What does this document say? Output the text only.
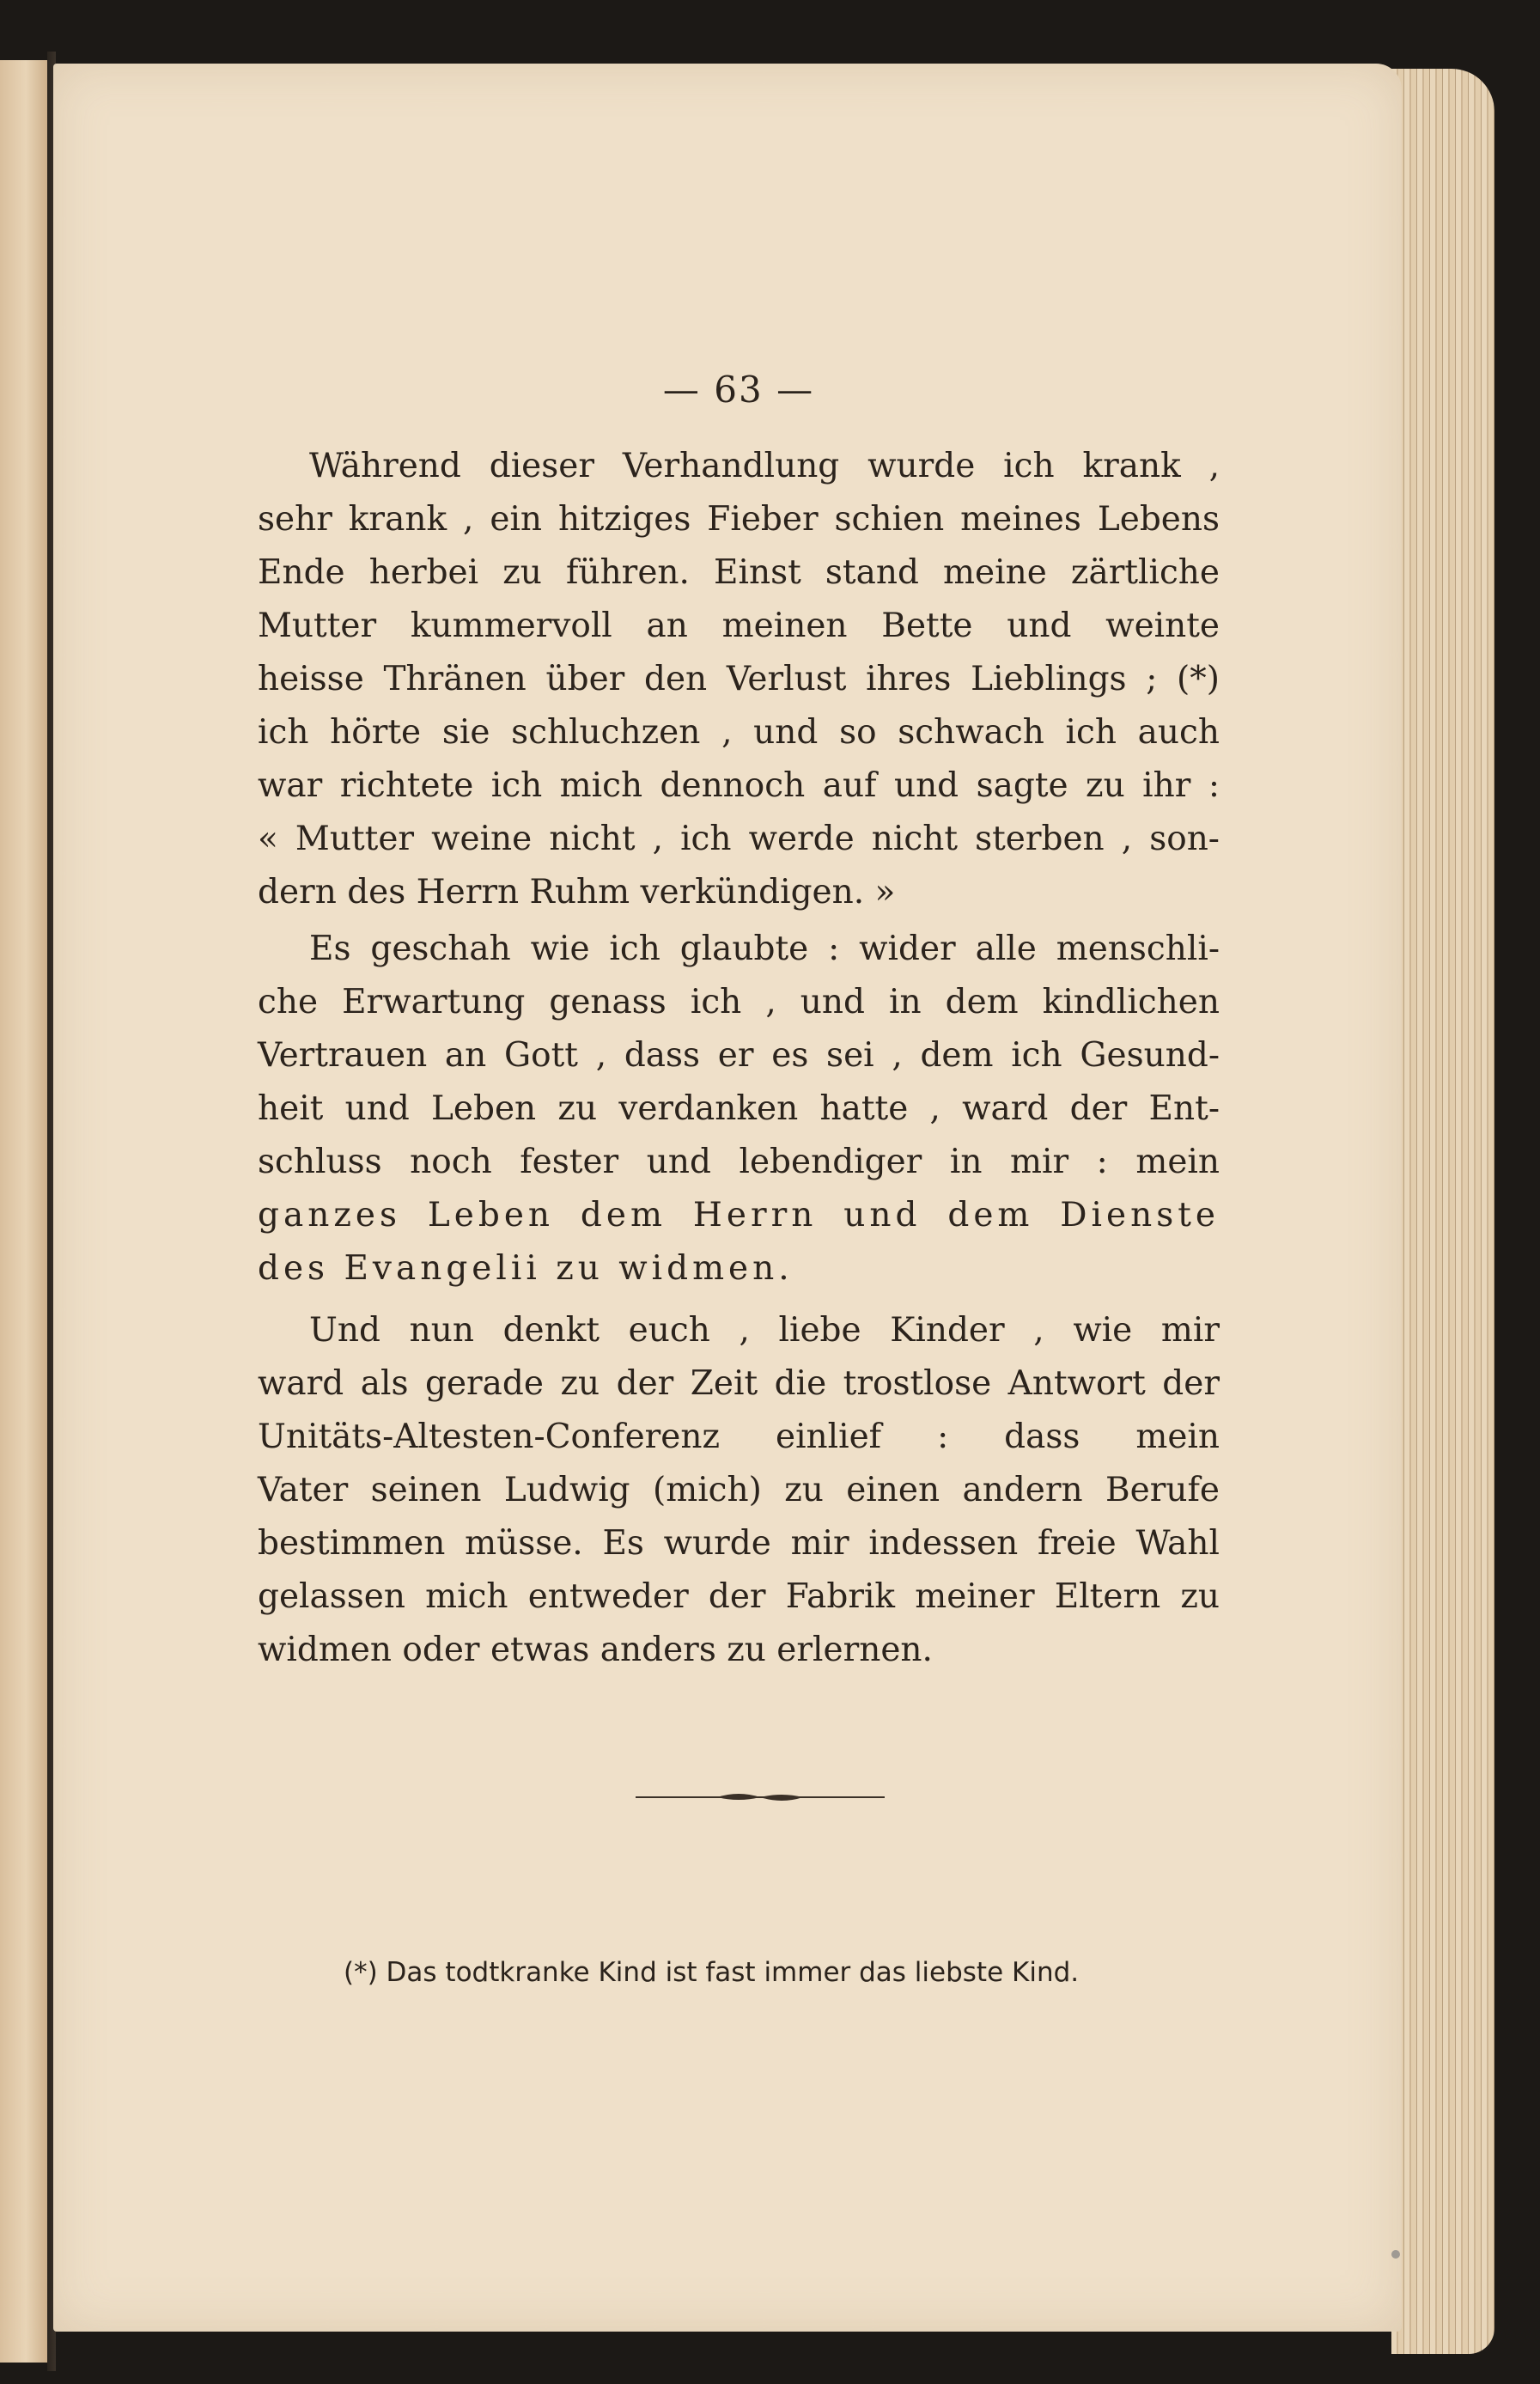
— 63 —
Während dieser Verhandlung wurde ich krank ,
sehr krank , ein hitziges Fieber schien meines Lebens
Ende herbei zu führen. Einst stand meine zärtliche
Mutter kummervoll an meinen Bette und weinte
heisse Thränen über den Verlust ihres Lieblings ; (*)
ich hörte sie schluchzen , und so schwach ich auch
war richtete ich mich dennoch auf und sagte zu ihr :
« Mutter weine nicht , ich werde nicht sterben , son-
dern des Herrn Ruhm verkündigen. »
Es geschah wie ich glaubte : wider alle menschli-
che Erwartung genass ich , und in dem kindlichen
Vertrauen an Gott , dass er es sei , dem ich Gesund-
heit und Leben zu verdanken hatte , ward der Ent-
schluss noch fester und lebendiger in mir : mein
ganzes Leben dem Herrn und dem Dienste
des Evangelii zu widmen.
Und nun denkt euch , liebe Kinder , wie mir
ward als gerade zu der Zeit die trostlose Antwort der
Unitäts-Altesten-Conferenz einlief : dass mein
Vater seinen Ludwig (mich) zu einen andern Berufe
bestimmen müsse. Es wurde mir indessen freie Wahl
gelassen mich entweder der Fabrik meiner Eltern zu
widmen oder etwas anders zu erlernen.
(*) Das todtkranke Kind ist fast immer das liebste Kind.
